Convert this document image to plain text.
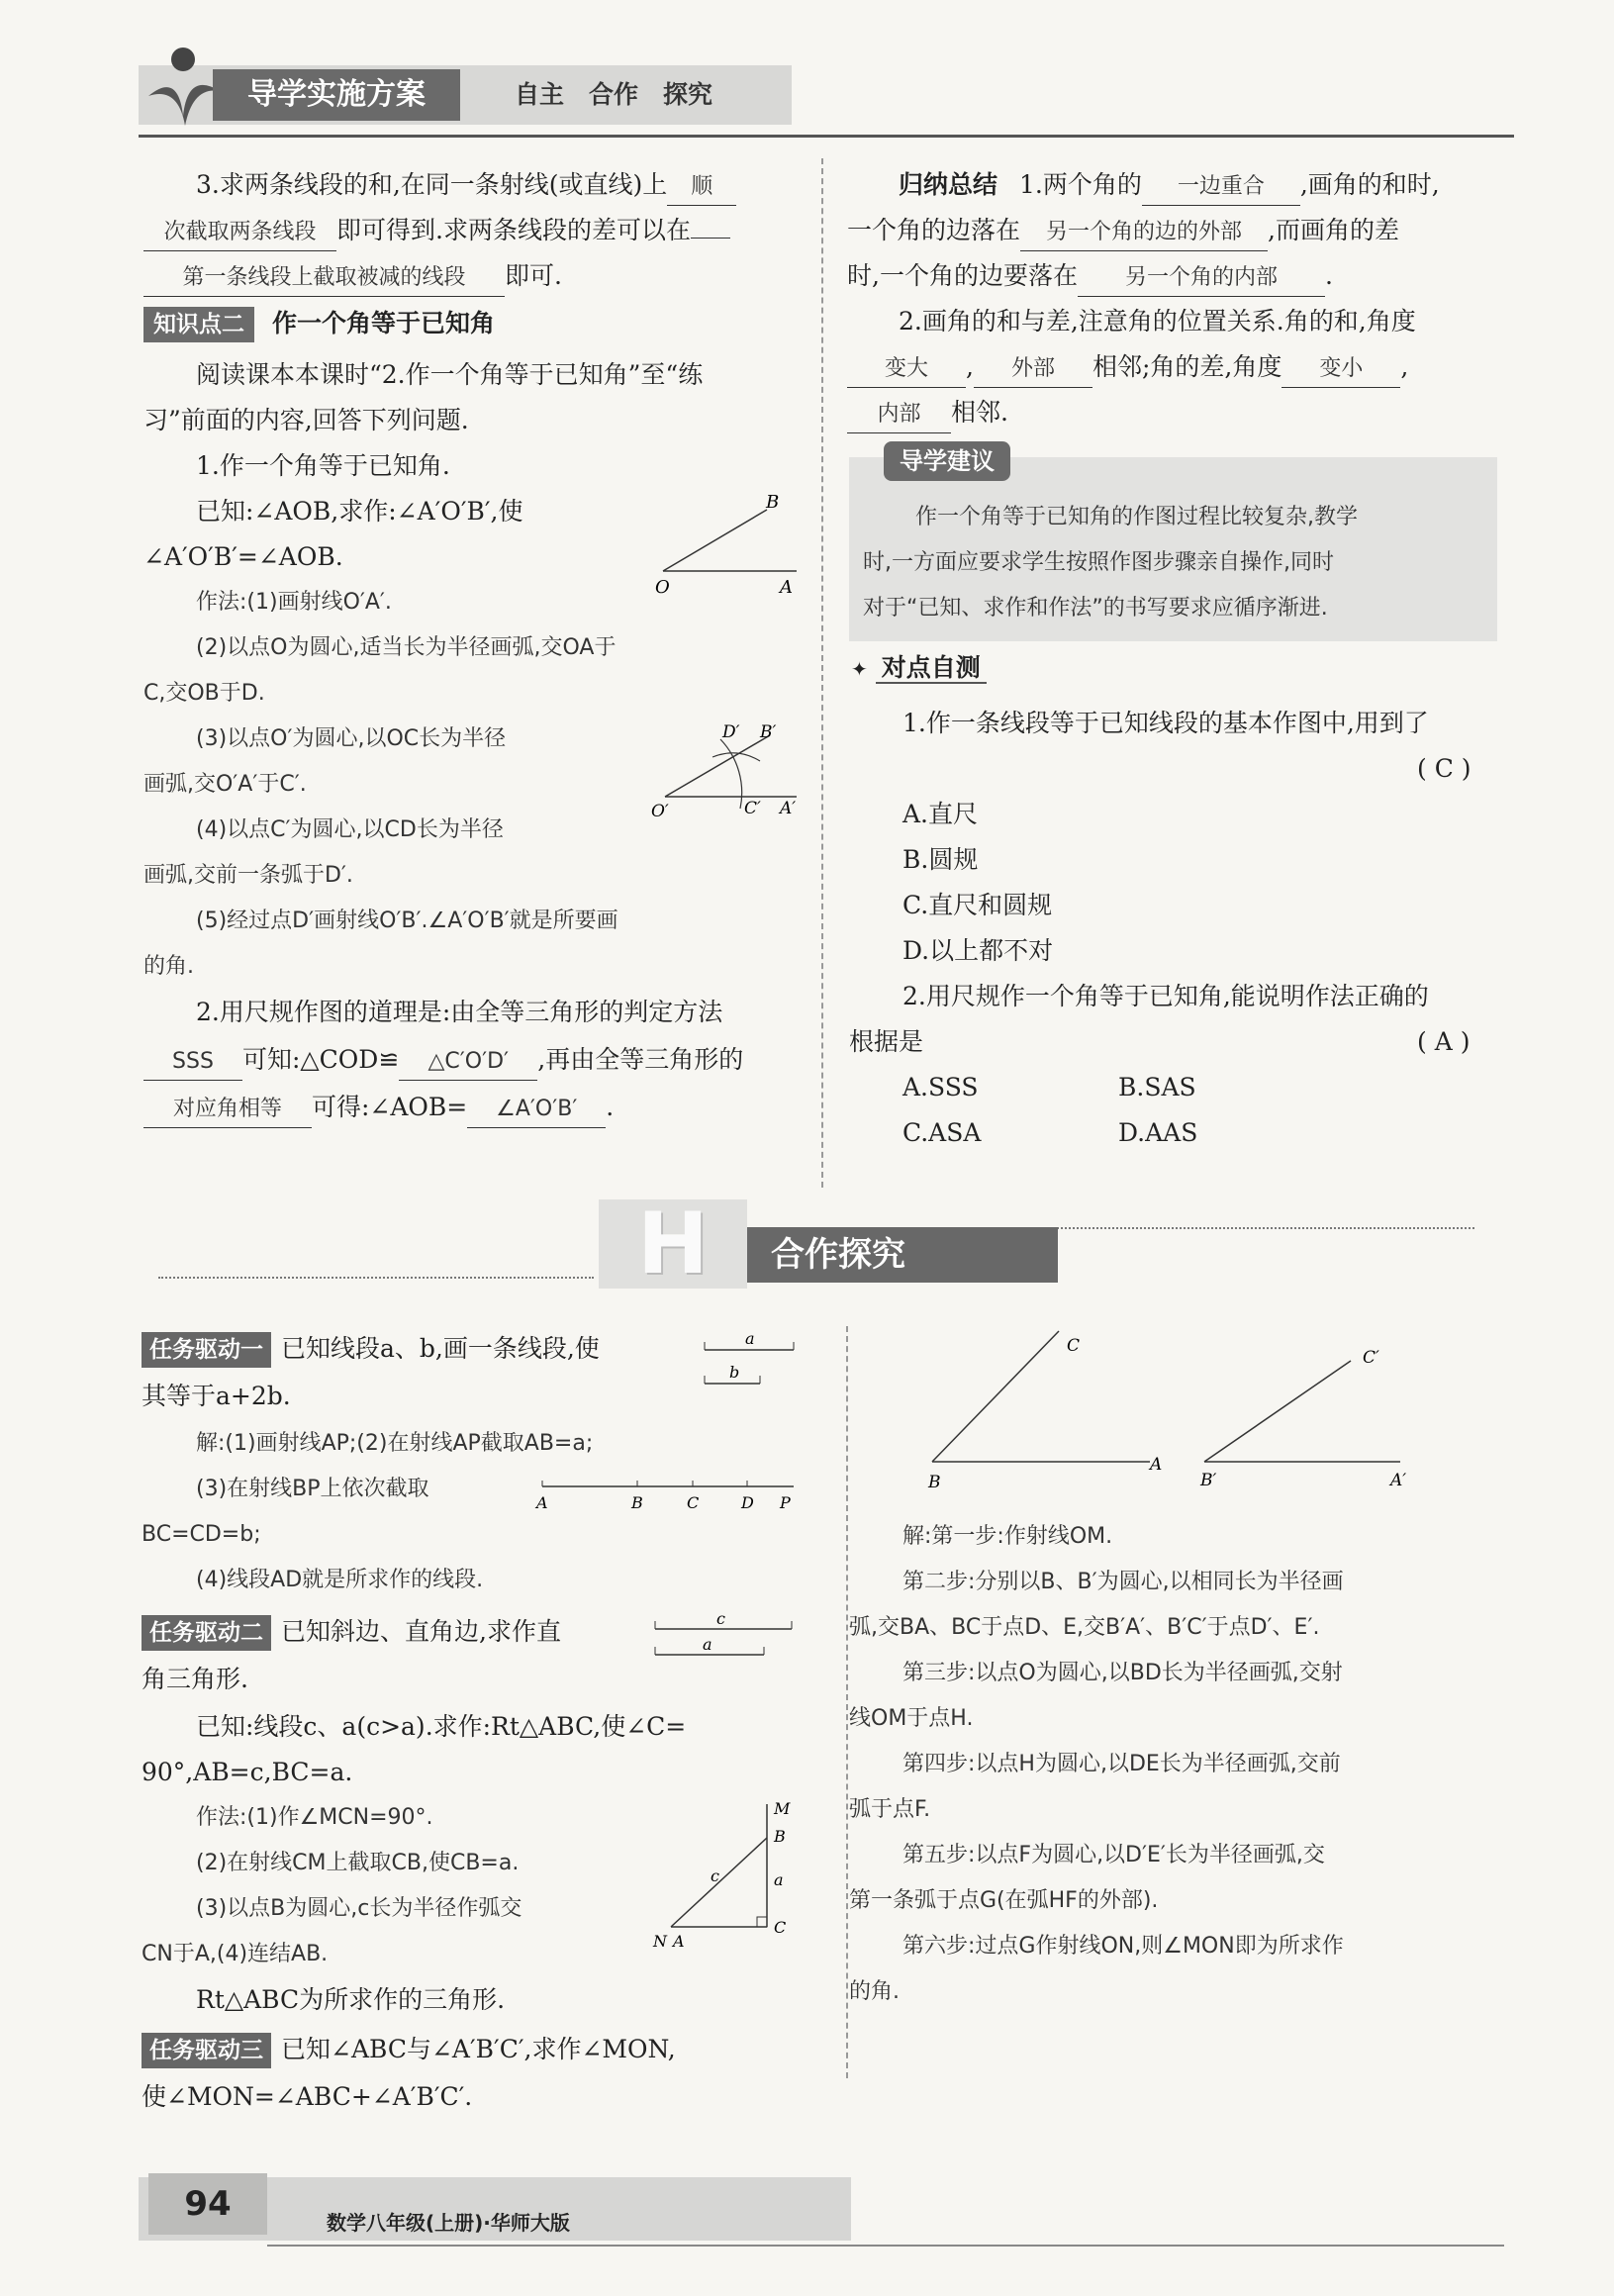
导学实施方案	自主　合作　探究
3.求两条线段的和,在同一条射线(或直线)上 顺
次截取两条线段 即可得到.求两条线段的差可以在
第一条线段上截取被减的线段 即可.
知识点二 作一个角等于已知角
阅读课本本课时“2.作一个角等于已知角”至“练
习”前面的内容,回答下列问题.
1.作一个角等于已知角.
已知:∠AOB,求作:∠A′O′B′,使
∠A′O′B′=∠AOB.
作法:(1)画射线O′A′.
(2)以点O为圆心,适当长为半径画弧,交OA于
C,交OB于D.
(3)以点O′为圆心,以OC长为半径
画弧,交O′A′于C′.
(4)以点C′为圆心,以CD长为半径
画弧,交前一条弧于D′.
(5)经过点D′画射线O′B′.∠A′O′B′就是所要画
的角.
2.用尺规作图的道理是:由全等三角形的判定方法
SSS 可知:△COD≌ △C′O′D′ ,再由全等三角形的
对应角相等 可得:∠AOB= ∠A′O′B′ .
O	A
B
O′	C′ A′
D′ B′
归纳总结 1.两个角的 一边重合 ,画角的和时,
一个角的边落在 另一个角的边的外部 ,而画角的差
时,一个角的边要落在 另一个角的内部 .
2.画角的和与差,注意角的位置关系.角的和,角度
变大 , 外部 相邻;角的差,角度 变小 ,
内部 相邻.
导学建议
作一个角等于已知角的作图过程比较复杂,教学
时,一方面应要求学生按照作图步骤亲自操作,同时
对于“已知、求作和作法”的书写要求应循序渐进.
✦ 对点自测
1.作一条线段等于已知线段的基本作图中,用到了
( C )
A.直尺
B.圆规
C.直尺和圆规
D.以上都不对
2.用尺规作一个角等于已知角,能说明作法正确的
根据是	( A )
A.SSS	B.SAS
C.ASA	D.AAS
H	合作探究
任务驱动一 已知线段a、b,画一条线段,使
其等于a+2b.
解:(1)画射线AP;(2)在射线AP截取AB=a;
(3)在射线BP上依次截取
BC=CD=b;
(4)线段AD就是所求作的线段.
a
b
A	B	C	D P
任务驱动二 已知斜边、直角边,求作直
角三角形.
已知:线段c、a(c>a).求作:Rt△ABC,使∠C=
90°,AB=c,BC=a.
作法:(1)作∠MCN=90°.
(2)在射线CM上截取CB,使CB=a.
(3)以点B为圆心,c长为半径作弧交
CN于A,(4)连结AB.
Rt△ABC为所求作的三角形.
c
a
M
B
a
c
C
N A
任务驱动三 已知∠ABC与∠A′B′C′,求作∠MON,
使∠MON=∠ABC+∠A′B′C′.
C
B
A
C′
B′	A′
解:第一步:作射线OM.
第二步:分别以B、B′为圆心,以相同长为半径画
弧,交BA、BC于点D、E,交B′A′、B′C′于点D′、E′.
第三步:以点O为圆心,以BD长为半径画弧,交射
线OM于点H.
第四步:以点H为圆心,以DE长为半径画弧,交前
弧于点F.
第五步:以点F为圆心,以D′E′长为半径画弧,交
第一条弧于点G(在弧HF的外部).
第六步:过点G作射线ON,则∠MON即为所求作
的角.
94	数学八年级(上册)·华师大版
